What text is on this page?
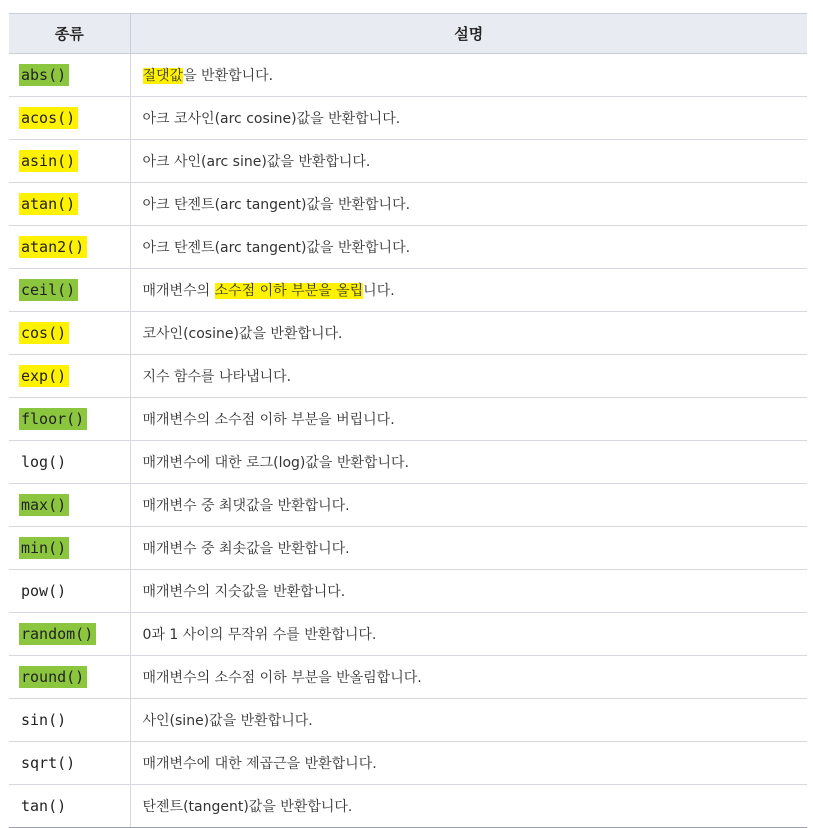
종류	설명
abs()	절댓값을 반환합니다.
acos()	아크 코사인(arc cosine)값을 반환합니다.
asin()	아크 사인(arc sine)값을 반환합니다.
atan()	아크 탄젠트(arc tangent)값을 반환합니다.
atan2()	아크 탄젠트(arc tangent)값을 반환합니다.
ceil()	매개변수의 소수점 이하 부분을 올립니다.
cos()	코사인(cosine)값을 반환합니다.
exp()	지수 함수를 나타냅니다.
floor()	매개변수의 소수점 이하 부분을 버립니다.
log()	매개변수에 대한 로그(log)값을 반환합니다.
max()	매개변수 중 최댓값을 반환합니다.
min()	매개변수 중 최솟값을 반환합니다.
pow()	매개변수의 지숫값을 반환합니다.
random()	0과 1 사이의 무작위 수를 반환합니다.
round()	매개변수의 소수점 이하 부분을 반올림합니다.
sin()	사인(sine)값을 반환합니다.
sqrt()	매개변수에 대한 제곱근을 반환합니다.
tan()	탄젠트(tangent)값을 반환합니다.
